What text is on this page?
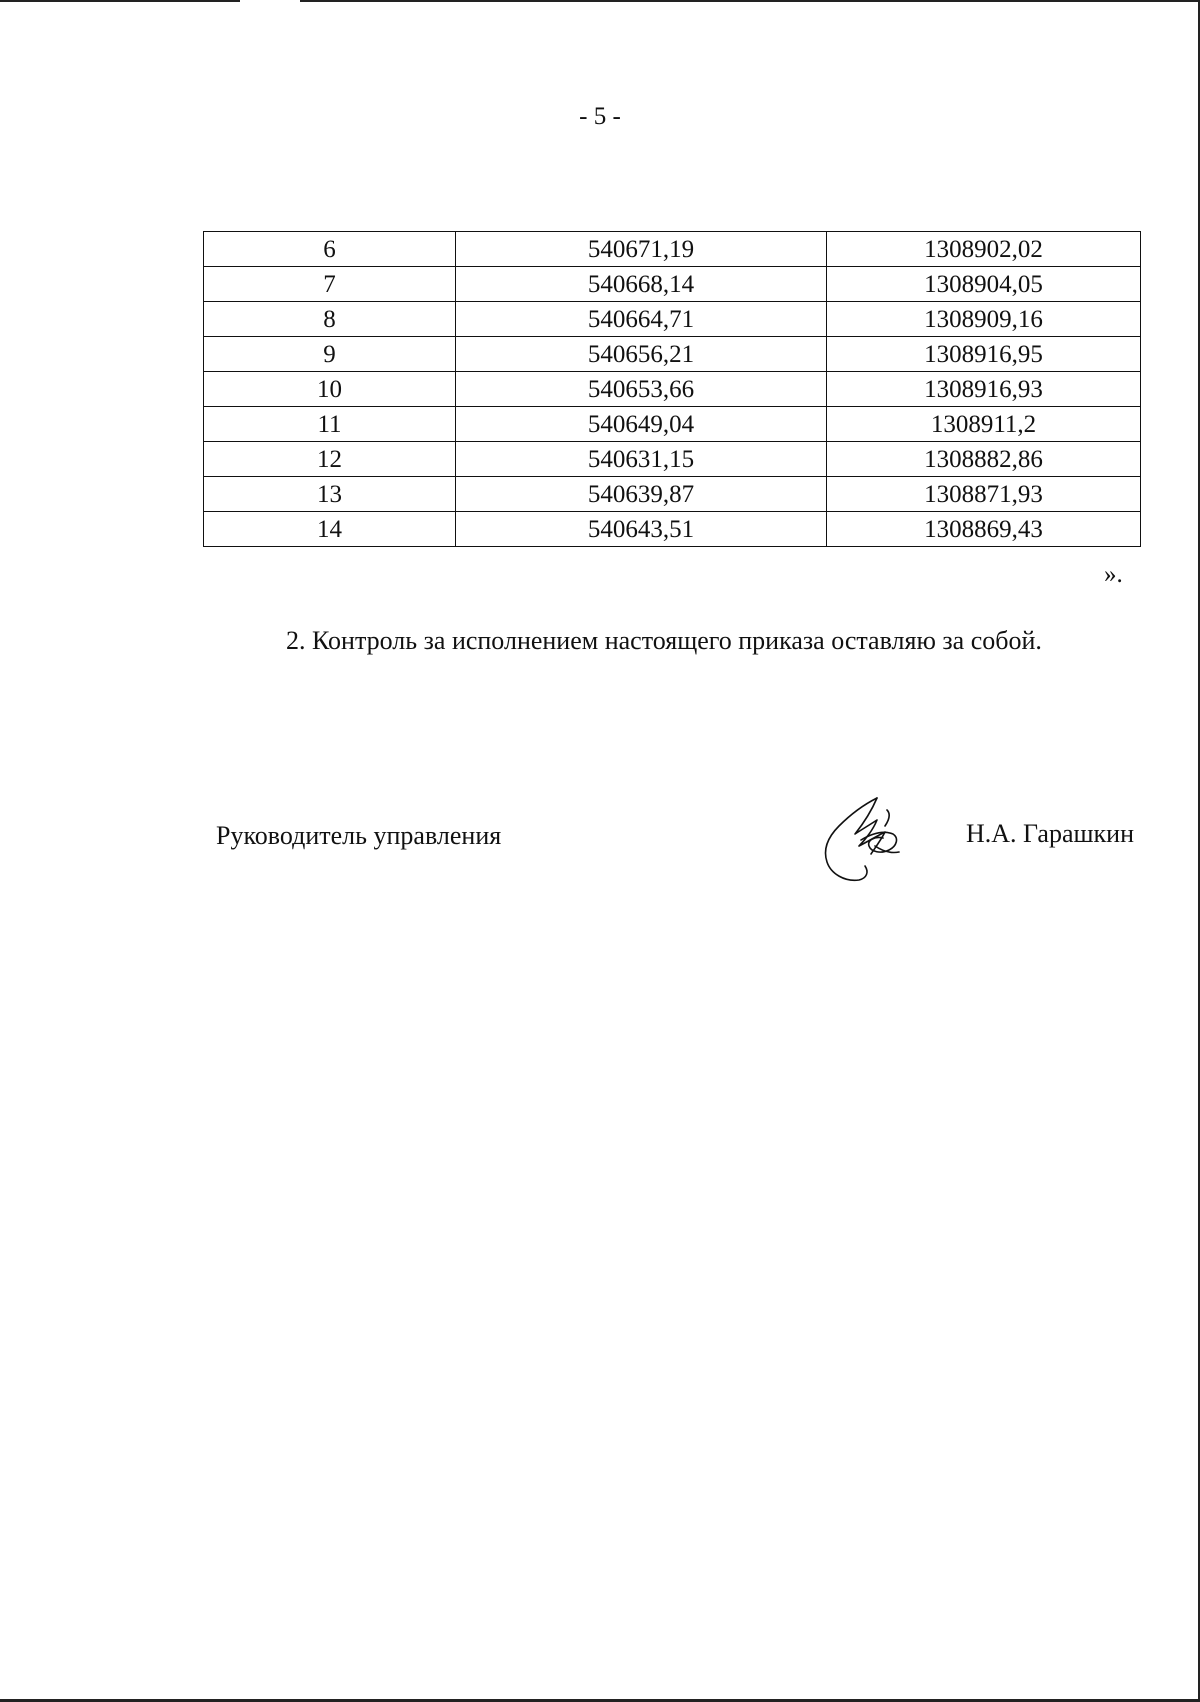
- 5 -
6	540671,19	1308902,02
7	540668,14	1308904,05
8	540664,71	1308909,16
9	540656,21	1308916,95
10	540653,66	1308916,93
11	540649,04	1308911,2
12	540631,15	1308882,86
13	540639,87	1308871,93
14	540643,51	1308869,43
».
2. Контроль за исполнением настоящего приказа оставляю за собой.
Руководитель управления	Н.А. Гарашкин
